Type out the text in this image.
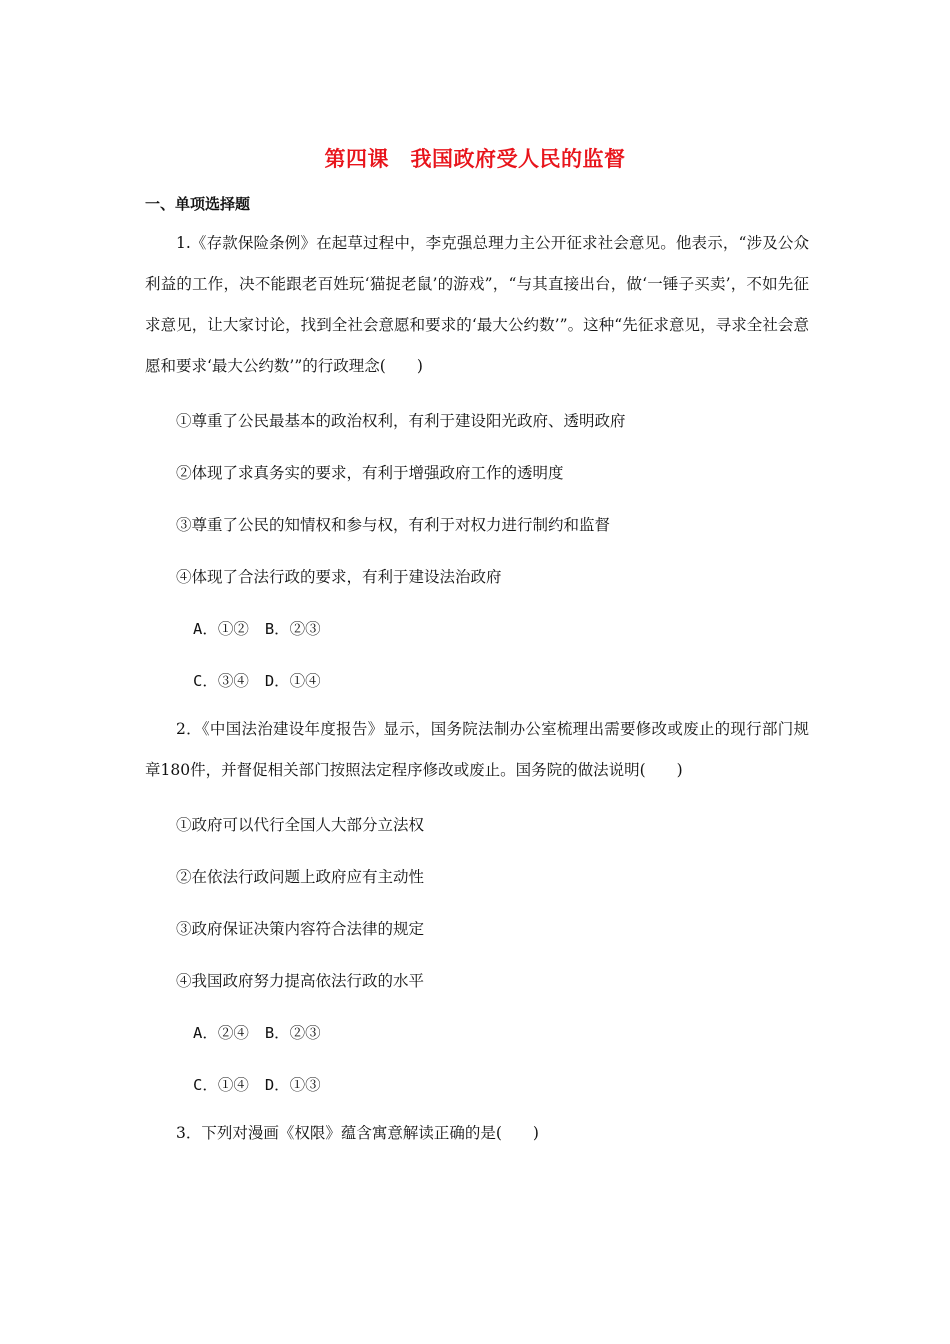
第四课　我国政府受人民的监督
一、单项选择题

1.《存款保险条例》在起草过程中，李克强总理力主公开征求社会意见。他表示，“涉及公众利益的工作，决不能跟老百姓玩‘猫捉老鼠’的游戏”，“与其直接出台，做‘一锤子买卖’，不如先征求意见，让大家讨论，找到全社会意愿和要求的‘最大公约数’”。这种“先征求意见，寻求全社会意愿和要求‘最大公约数’”的行政理念(　　)

①尊重了公民最基本的政治权利，有利于建设阳光政府、透明政府
②体现了求真务实的要求，有利于增强政府工作的透明度
③尊重了公民的知情权和参与权，有利于对权力进行制约和监督
④体现了合法行政的要求，有利于建设法治政府
A．①② B．②③
C．③④ D．①④

2．《中国法治建设年度报告》显示，国务院法制办公室梳理出需要修改或废止的现行部门规章180件，并督促相关部门按照法定程序修改或废止。国务院的做法说明(　　)

①政府可以代行全国人大部分立法权
②在依法行政问题上政府应有主动性
③政府保证决策内容符合法律的规定
④我国政府努力提高依法行政的水平
A．②④ B．②③
C．①④ D．①③

3．下列对漫画《权限》蕴含寓意解读正确的是(　　)
